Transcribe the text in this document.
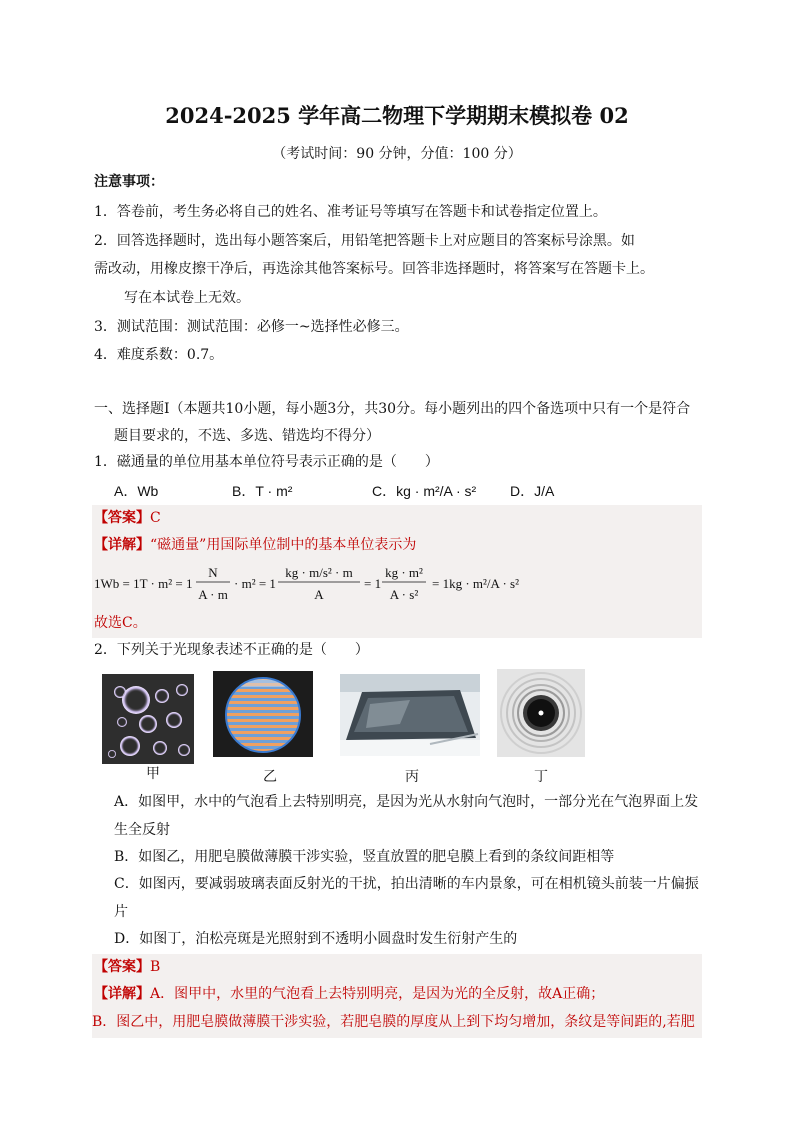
2024-2025 学年高二物理下学期期末模拟卷 02
（考试时间：90 分钟，分值：100 分）
注意事项：
1．答卷前，考生务必将自己的姓名、准考证号等填写在答题卡和试卷指定位置上。
2．回答选择题时，选出每小题答案后，用铅笔把答题卡上对应题目的答案标号涂黑。如
需改动，用橡皮擦干净后，再选涂其他答案标号。回答非选择题时，将答案写在答题卡上。
写在本试卷上无效。
3．测试范围：测试范围：必修一~选择性必修三。
4．难度系数：0.7。
一、选择题Ⅰ（本题共10小题，每小题3分，共30分。每小题列出的四个备选项中只有一个是符合
题目要求的，不选、多选、错选均不得分）
1．磁通量的单位用基本单位符号表示正确的是（　　）
A．Wb	B．T · m²	C．kg · m²/A · s² D．J/A
【答案】C
【详解】“磁通量”用国际单位制中的基本单位表示为
1Wb = 1T · m² = 1
N
A · m
· m² = 1
kg · m/s² · m
A
= 1
kg · m²
A · s²
= 1kg · m²/A · s²
故选C。
2．下列关于光现象表述不正确的是（　　）
甲	乙	丙	丁
A．如图甲，水中的气泡看上去特别明亮，是因为光从水射向气泡时，一部分光在气泡界面上发
生全反射
B．如图乙，用肥皂膜做薄膜干涉实验，竖直放置的肥皂膜上看到的条纹间距相等
C．如图丙，要减弱玻璃表面反射光的干扰，拍出清晰的车内景象，可在相机镜头前装一片偏振
片
D．如图丁，泊松亮斑是光照射到不透明小圆盘时发生衍射产生的
【答案】B
【详解】A．图甲中，水里的气泡看上去特别明亮，是因为光的全反射，故A正确；
B．图乙中，用肥皂膜做薄膜干涉实验，若肥皂膜的厚度从上到下均匀增加，条纹是等间距的,若肥
